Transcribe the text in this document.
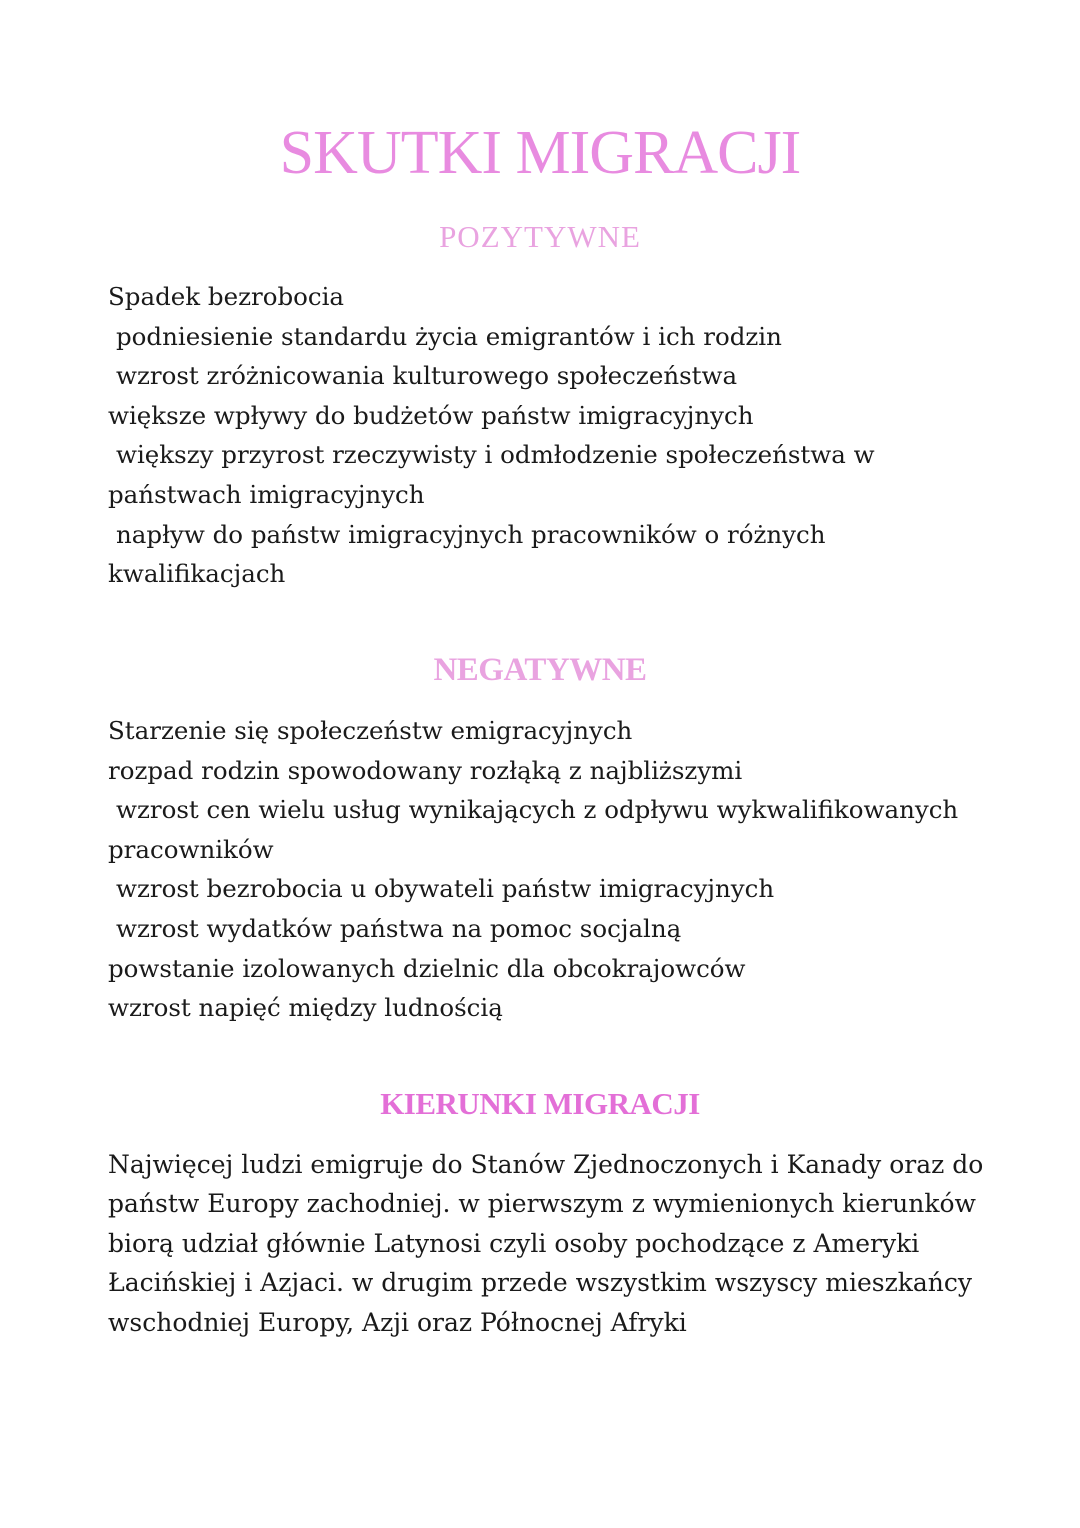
SKUTKI MIGRACJI
POZYTYWNE
Spadek bezrobocia
podniesienie standardu życia emigrantów i ich rodzin
wzrost zróżnicowania kulturowego społeczeństwa
większe wpływy do budżetów państw imigracyjnych
większy przyrost rzeczywisty i odmłodzenie społeczeństwa w
państwach imigracyjnych
napływ do państw imigracyjnych pracowników o różnych
kwalifikacjach
NEGATYWNE
Starzenie się społeczeństw emigracyjnych
rozpad rodzin spowodowany rozłąką z najbliższymi
wzrost cen wielu usług wynikających z odpływu wykwalifikowanych
pracowników
wzrost bezrobocia u obywateli państw imigracyjnych
wzrost wydatków państwa na pomoc socjalną
powstanie izolowanych dzielnic dla obcokrajowców
wzrost napięć między ludnością
KIERUNKI MIGRACJI
Najwięcej ludzi emigruje do Stanów Zjednoczonych i Kanady oraz do
państw Europy zachodniej. w pierwszym z wymienionych kierunków
biorą udział głównie Latynosi czyli osoby pochodzące z Ameryki
Łacińskiej i Azjaci. w drugim przede wszystkim wszyscy mieszkańcy
wschodniej Europy, Azji oraz Północnej Afryki
